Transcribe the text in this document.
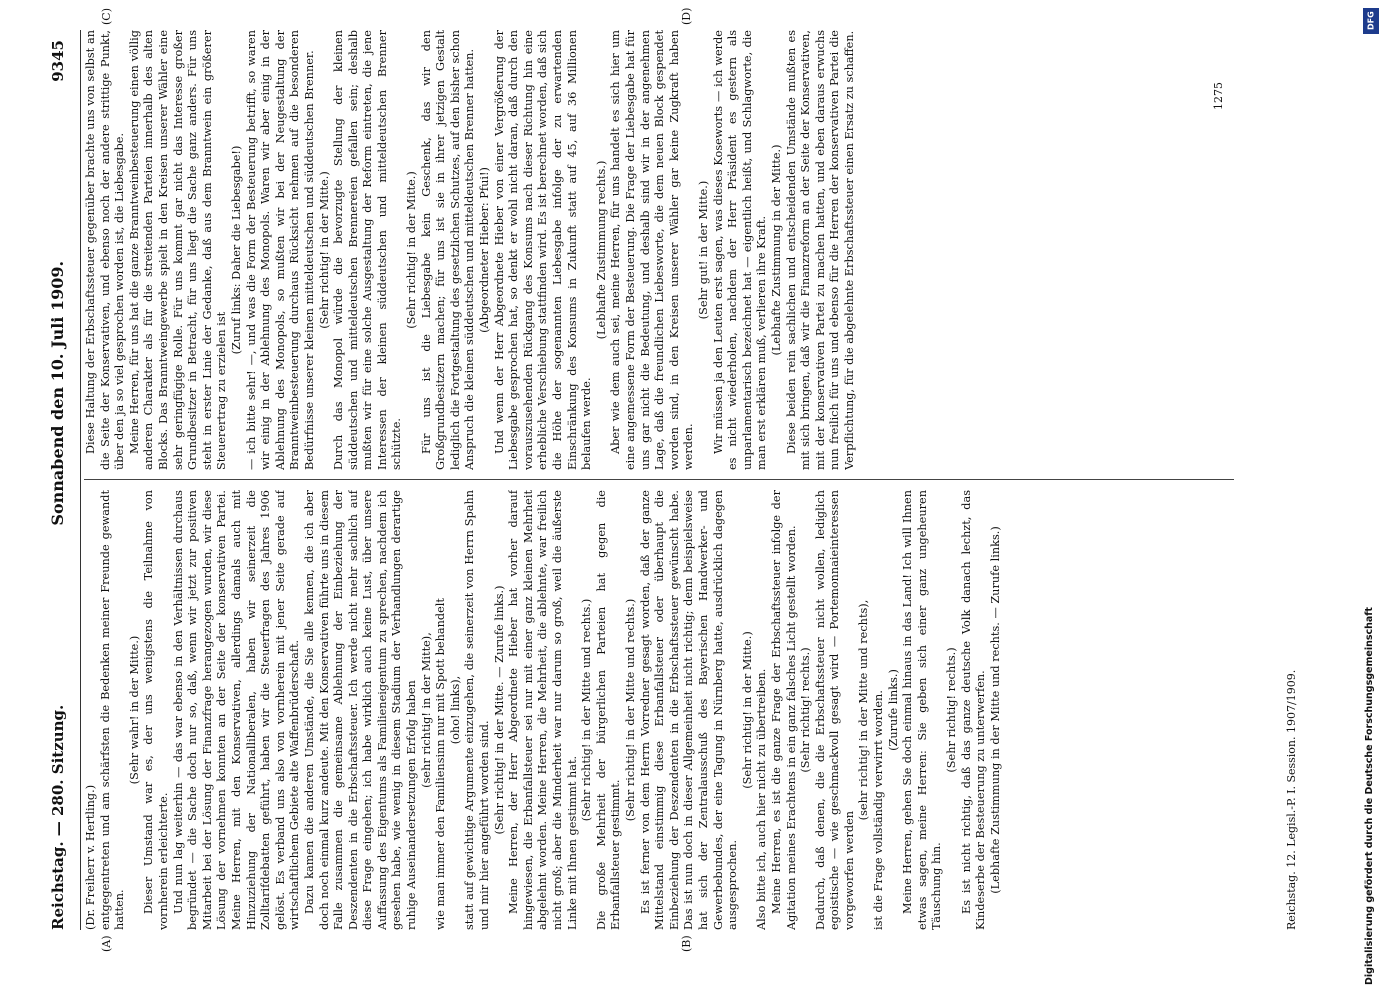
Reichstag. — 280. Sitzung.
Sonnabend den 10. Juli 1909.
9345
(A)	(B)
(C)	(D)

(Dr. Freiherr v. Hertling.) entgegentreten und am schärfsten die Bedenken meiner Freunde gewandt hatten.

(Sehr wahr! in der Mitte.) Dieser Umstand war es, der uns wenigstens die Teilnahme von vornherein erleichterte. Und nun lag weiterhin — das war ebenso in den Verhältnissen durchaus begründet — die Sache doch nur so, daß, wenn wir jetzt zur positiven Mitarbeit bei der Lösung der Finanzfrage herangezogen wurden, wir diese Lösung der vornehmen konnten an der Seite der konservativen Partei. Meine Herren, mit den Konservativen, allerdings damals auch mit Hinzuziehung der Nationalliberalen, haben wir seinerzeit die Zolltarifdebatten geführt, haben wir die Steuerfragen des Jahres 1906 gelöst. Es verband uns also von vornherein mit jener Seite gerade auf wirtschaftlichem Gebiete alte Waffenbrüderschaft. Dazu kamen die anderen Umstände, die Sie alle kennen, die ich aber doch noch einmal kurz andeute. Mit den Konservativen führte uns in diesem Falle zusammen die gemeinsame Ablehnung der Einbeziehung der Deszendenten in die Erbschaftssteuer. Ich werde nicht mehr sachlich auf diese Frage eingehen; ich habe wirklich auch keine Lust, über unsere Auffassung des Eigentums als Familieneigentum zu sprechen, nachdem ich gesehen habe, wie wenig in diesem Stadium der Verhandlungen derartige ruhige Auseinandersetzungen Erfolg haben (sehr richtig! in der Mitte), wie man immer den Familiensinn nur mit Spott behandelt (oho! links), statt auf gewichtige Argumente einzugehen, die seinerzeit von Herrn Spahn und mir hier angeführt worden sind. (Sehr richtig! in der Mitte. — Zurufe links.) Meine Herren, der Herr Abgeordnete Hieber hat vorher darauf hingewiesen, die Erbanfallsteuer sei nur mit einer ganz kleinen Mehrheit abgelehnt worden. Meine Herren, die Mehrheit, die ablehnte, war freilich nicht groß; aber die Minderheit war nur darum so groß, weil die äußerste Linke mit Ihnen gestimmt hat.

(Sehr richtig! in der Mitte und rechts.) Die große Mehrheit der bürgerlichen Parteien hat gegen die Erbanfallsteuer gestimmt.

(Sehr richtig! in der Mitte und rechts.) Es ist ferner von dem Herrn Vorredner gesagt worden, daß der ganze Mittelstand einstimmig diese Erbanfallsteuer oder überhaupt die Einbeziehung der Deszendenten in die Erbschaftssteuer gewünscht habe. Das ist nun doch in dieser Allgemeinheit nicht richtig; denn beispielsweise hat sich der Zentralausschuß des Bayerischen Handwerker- und Gewerbebundes, der eine Tagung in Nürnberg hatte, ausdrücklich dagegen ausgesprochen.

(Sehr richtig! in der Mitte.) Also bitte ich, auch hier nicht zu übertreiben. Meine Herren, es ist die ganze Frage der Erbschaftssteuer infolge der Agitation meines Erachtens in ein ganz falsches Licht gestellt worden. (Sehr richtig! rechts.) Dadurch, daß denen, die die Erbschaftssteuer nicht wollen, lediglich egoistische — wie geschmackvoll gesagt wird — Portemonnaieinteressen vorgeworfen werden

(sehr richtig! in der Mitte und rechts), ist die Frage vollständig verwirrt worden. (Zurufe links.) Meine Herren, gehen Sie doch einmal hinaus in das Land! Ich will Ihnen etwas sagen, meine Herren: Sie geben sich einer ganz ungeheuren Täuschung hin.

(Sehr richtig! rechts.) Es ist nicht richtig, daß das ganze deutsche Volk danach lechzt, das Kindeserbe der Besteuerung zu unterwerfen. (Lebhafte Zustimmung in der Mitte und rechts. — Zurufe links.)

Diese Haltung der Erbschaftssteuer gegenüber brachte uns von selbst an die Seite der Konservativen, und ebenso noch der andere strittige Punkt, über den ja so viel gesprochen worden ist, die Liebesgabe. Meine Herren, für uns hat die ganze Branntweinbesteuerung einen völlig anderen Charakter als für die streitenden Parteien innerhalb des alten Blocks. Das Branntweingewerbe spielt in den Kreisen unserer Wähler eine sehr geringfügige Rolle. Für uns kommt gar nicht das Interesse großer Grundbesitzer in Betracht, für uns liegt die Sache ganz anders. Für uns steht in erster Linie der Gedanke, daß aus dem Branntwein ein größerer Steuerertrag zu erzielen ist

(Zuruf links: Daher die Liebesgabe!) — ich bitte sehr! —, und was die Form der Besteuerung betrifft, so waren wir einig in der Ablehnung des Monopols. Waren wir aber einig in der Ablehnung des Monopols, so mußten wir bei der Neugestaltung der Branntweinbesteuerung durchaus Rücksicht nehmen auf die besonderen Bedürfnisse unserer kleinen mitteldeutschen und süddeutschen Brenner. (Sehr richtig! in der Mitte.) Durch das Monopol würde die bevorzugte Stellung der kleinen süddeutschen und mitteldeutschen Brennereien gefallen sein; deshalb mußten wir für eine solche Ausgestaltung der Reform eintreten, die jene Interessen der kleinen süddeutschen und mitteldeutschen Brenner schützte.

(Sehr richtig! in der Mitte.) Für uns ist die Liebesgabe kein Geschenk, das wir den Großgrundbesitzern machen; für uns ist sie in ihrer jetzigen Gestalt lediglich die Fortgestaltung des gesetzlichen Schutzes, auf den bisher schon Anspruch die kleinen süddeutschen und mitteldeutschen Brenner hatten. (Abgeordneter Hieber: Pfui!) Und wenn der Herr Abgeordnete Hieber von einer Vergrößerung der Liebesgabe gesprochen hat, so denkt er wohl nicht daran, daß durch den vorauszusehenden Rückgang des Konsums nach dieser Richtung hin eine erhebliche Verschiebung stattfinden wird. Es ist berechnet worden, daß sich die Höhe der sogenannten Liebesgabe infolge der zu erwartenden Einschränkung des Konsums in Zukunft statt auf 45, auf 36 Millionen belaufen werde.

(Lebhafte Zustimmung rechts.) Aber wie dem auch sei, meine Herren, für uns handelt es sich hier um eine angemessene Form der Besteuerung. Die Frage der Liebesgabe hat für uns gar nicht die Bedeutung, und deshalb sind wir in der angenehmen Lage, daß die freundlichen Liebesworte, die dem neuen Block gespendet worden sind, in den Kreisen unserer Wähler gar keine Zugkraft haben werden.

(Sehr gut! in der Mitte.) Wir müssen ja den Leuten erst sagen, was dieses Koseworts — ich werde es nicht wiederholen, nachdem der Herr Präsident es gestern als unparlamentarisch bezeichnet hat — eigentlich heißt, und Schlagworte, die man erst erklären muß, verlieren ihre Kraft. (Lebhafte Zustimmung in der Mitte.) Diese beiden rein sachlichen und entscheidenden Umstände mußten es mit sich bringen, daß wir die Finanzreform an der Seite der Konservativen, mit der konservativen Partei zu machen hatten, und eben daraus erwuchs nun freilich für uns und ebenso für die Herren der konservativen Partei die Verpflichtung, für die abgelehnte Erbschaftssteuer einen Ersatz zu schaffen.

Reichstag. 12. Legisl.-P. I. Session. 1907/1909.
1275
DFG
Digitalisierung gefördert durch die Deutsche Forschungsgemeinschaft
